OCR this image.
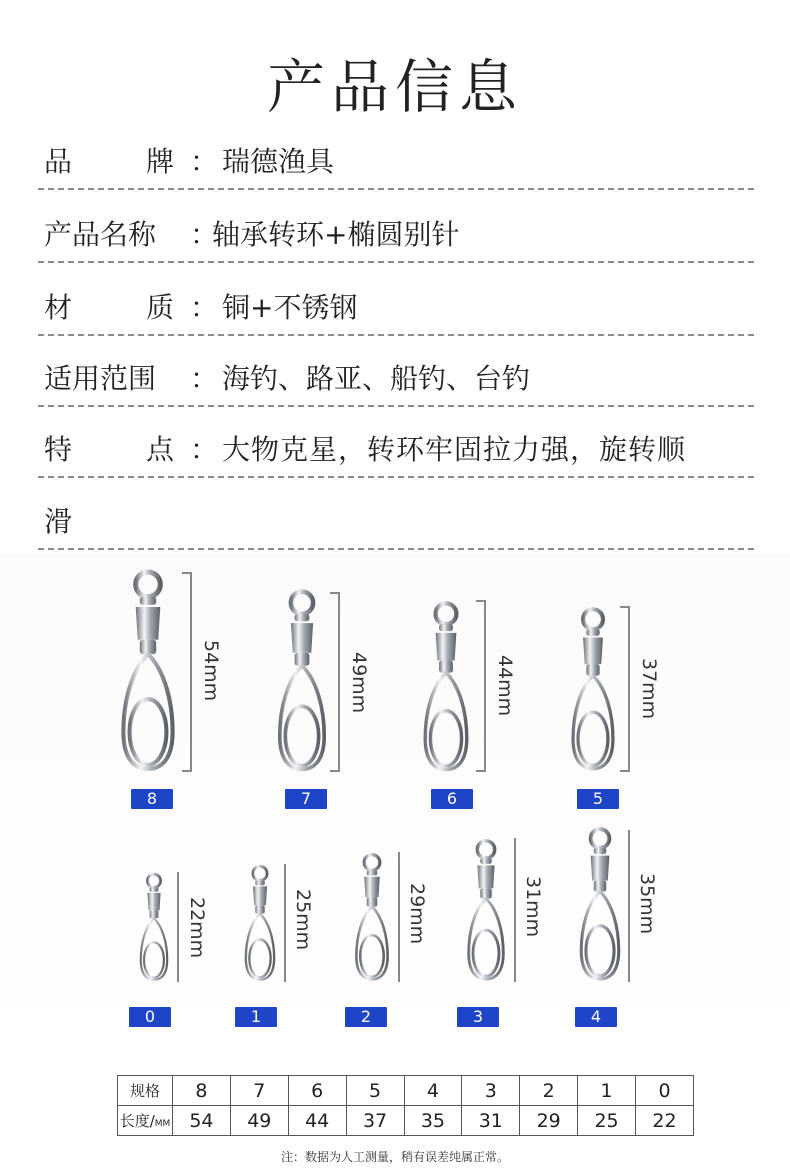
产品信息
品	牌 ： 瑞德渔具
产品名称 ：
轴承转环+椭圆别针
材	质 ： 铜+不锈钢
适用范围 ： 海钓、路亚、船钓、台钓
特	点 ： 大物克星，转环牢固拉力强，旋转顺
滑
54mm
8
49mm
7
44mm
6
37mm
5
22mm
0
25mm
1
29mm
2
31mm
3
35mm
4
规格	8	7	6	5	4	3	2	1	0
长度/MM	54	49	44	37	35	31	29	25	22
注：数据为人工测量，稍有误差纯属正常。
